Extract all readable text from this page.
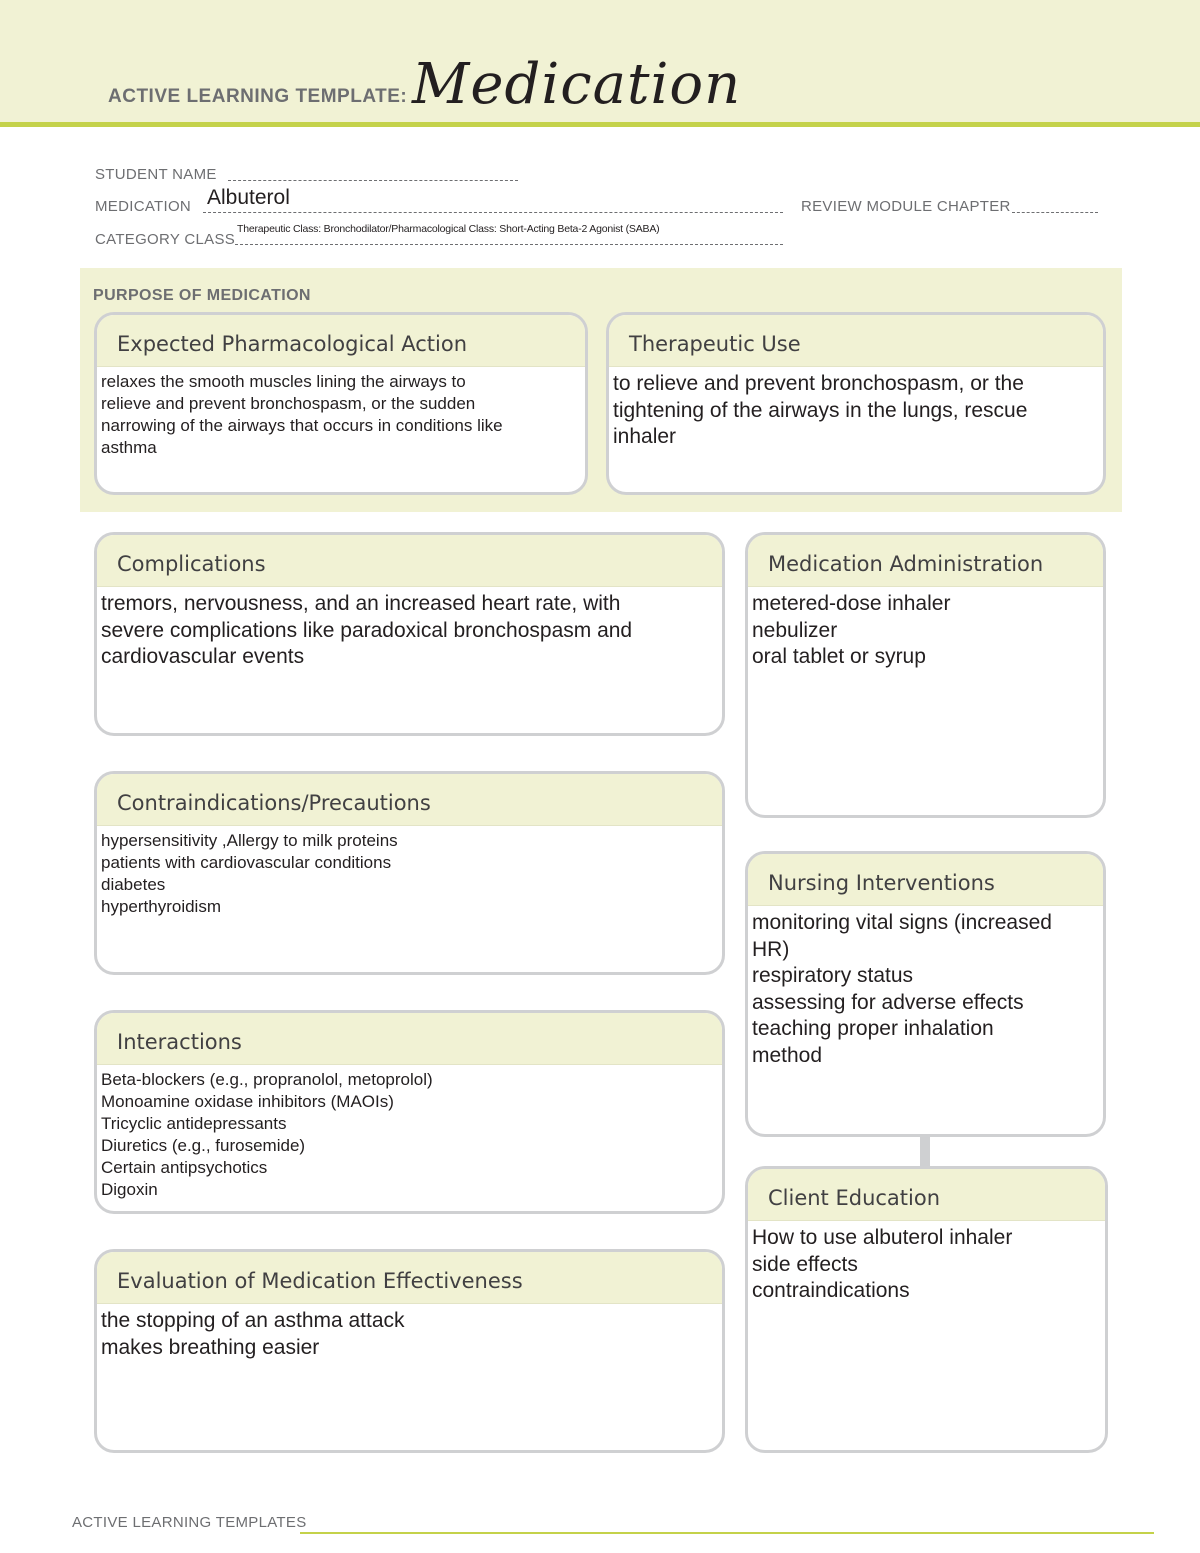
ACTIVE LEARNING TEMPLATE: Medication
STUDENT NAME
MEDICATION Albuterol	REVIEW MODULE CHAPTER
CATEGORY CLASS
Therapeutic Class: Bronchodilator/Pharmacological Class: Short-Acting Beta-2 Agonist (SABA)
PURPOSE OF MEDICATION
Expected Pharmacological Action
relaxes the smooth muscles lining the airways to
relieve and prevent bronchospasm, or the sudden
narrowing of the airways that occurs in conditions like
asthma
Therapeutic Use
to relieve and prevent bronchospasm, or the
tightening of the airways in the lungs, rescue
inhaler
Complications
tremors, nervousness, and an increased heart rate, with
severe complications like paradoxical bronchospasm and
cardiovascular events
Medication Administration
metered-dose inhaler
nebulizer
oral tablet or syrup
Contraindications/Precautions
hypersensitivity ,Allergy to milk proteins
patients with cardiovascular conditions
diabetes
hyperthyroidism
Nursing Interventions
monitoring vital signs (increased
HR)
respiratory status
assessing for adverse effects
teaching proper inhalation
method
Interactions
Beta-blockers (e.g., propranolol, metoprolol)
Monoamine oxidase inhibitors (MAOIs)
Tricyclic antidepressants
Diuretics (e.g., furosemide)
Certain antipsychotics
Digoxin	Client Education
How to use albuterol inhaler
side effects
contraindications
Evaluation of Medication Effectiveness
the stopping of an asthma attack
makes breathing easier
ACTIVE LEARNING TEMPLATES
